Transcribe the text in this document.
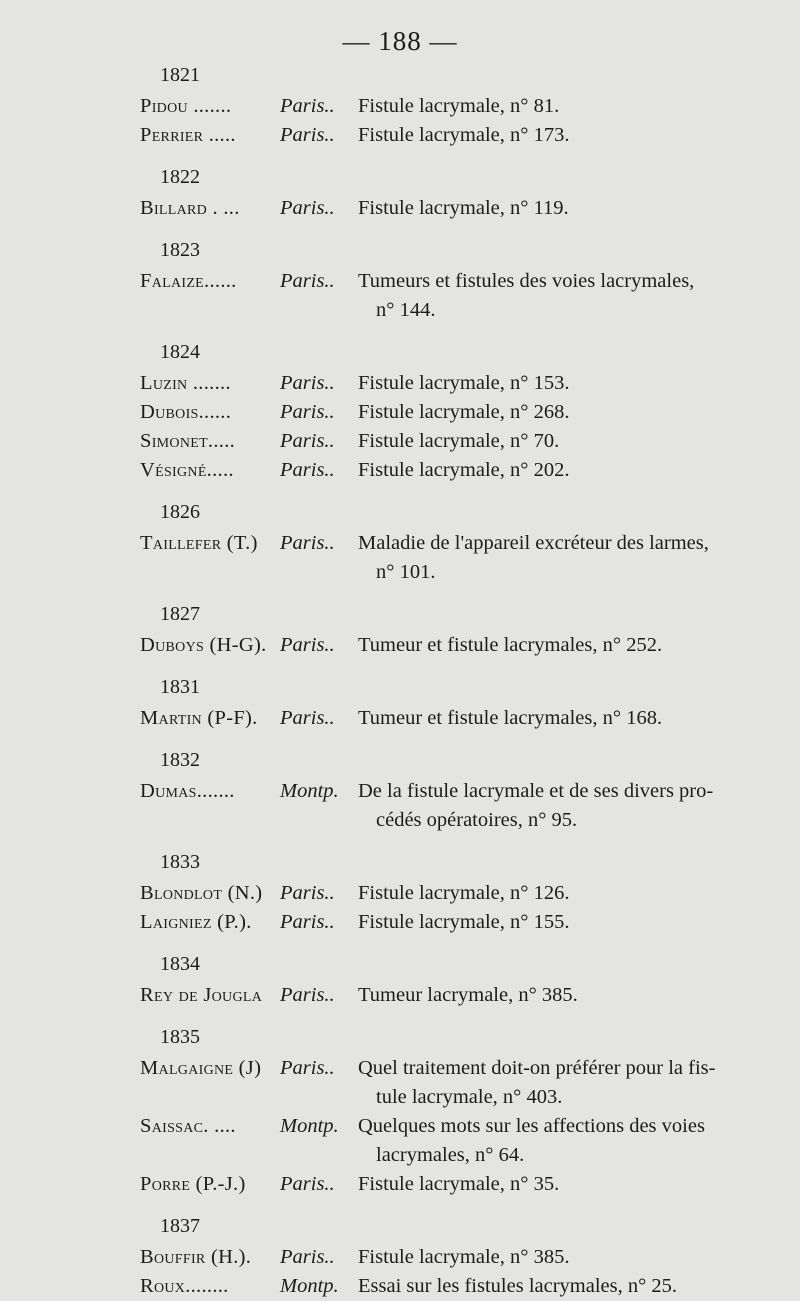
— 188 —
1821
Pidou .......	Paris..	Fistule lacrymale, n° 81.
Perrier .....	Paris..	Fistule lacrymale, n° 173.
1822
Billard . ...	Paris..	Fistule lacrymale, n° 119.
1823
Falaize......	Paris..	Tumeurs et fistules des voies lacrymales,
n° 144.
1824
Luzin .......	Paris..	Fistule lacrymale, n° 153.
Dubois......	Paris..	Fistule lacrymale, n° 268.
Simonet.....	Paris..	Fistule lacrymale, n° 70.
Vésigné.....	Paris..	Fistule lacrymale, n° 202.
1826
Taillefer (T.)	Paris..	Maladie de l'appareil excréteur des larmes,
n° 101.
1827
Duboys (H-G). Paris..	Tumeur et fistule lacrymales, n° 252.
1831
Martin (P-F).	Paris..	Tumeur et fistule lacrymales, n° 168.
1832
Dumas.......	Montp. De la fistule lacrymale et de ses divers pro-
cédés opératoires, n° 95.
1833
Blondlot (N.) Paris..	Fistule lacrymale, n° 126.
Laigniez (P.).	Paris..	Fistule lacrymale, n° 155.
1834
Rey de Jougla Paris..	Tumeur lacrymale, n° 385.
1835
Malgaigne (J) Paris..	Quel traitement doit-on préférer pour la fis-
tule lacrymale, n° 403.
Saissac. ....	Montp. Quelques mots sur les affections des voies
lacrymales, n° 64.
Porre (P.-J.)	Paris..	Fistule lacrymale, n° 35.
1837
Bouffir (H.).	Paris..	Fistule lacrymale, n° 385.
Roux........	Montp. Essai sur les fistules lacrymales, n° 25.
